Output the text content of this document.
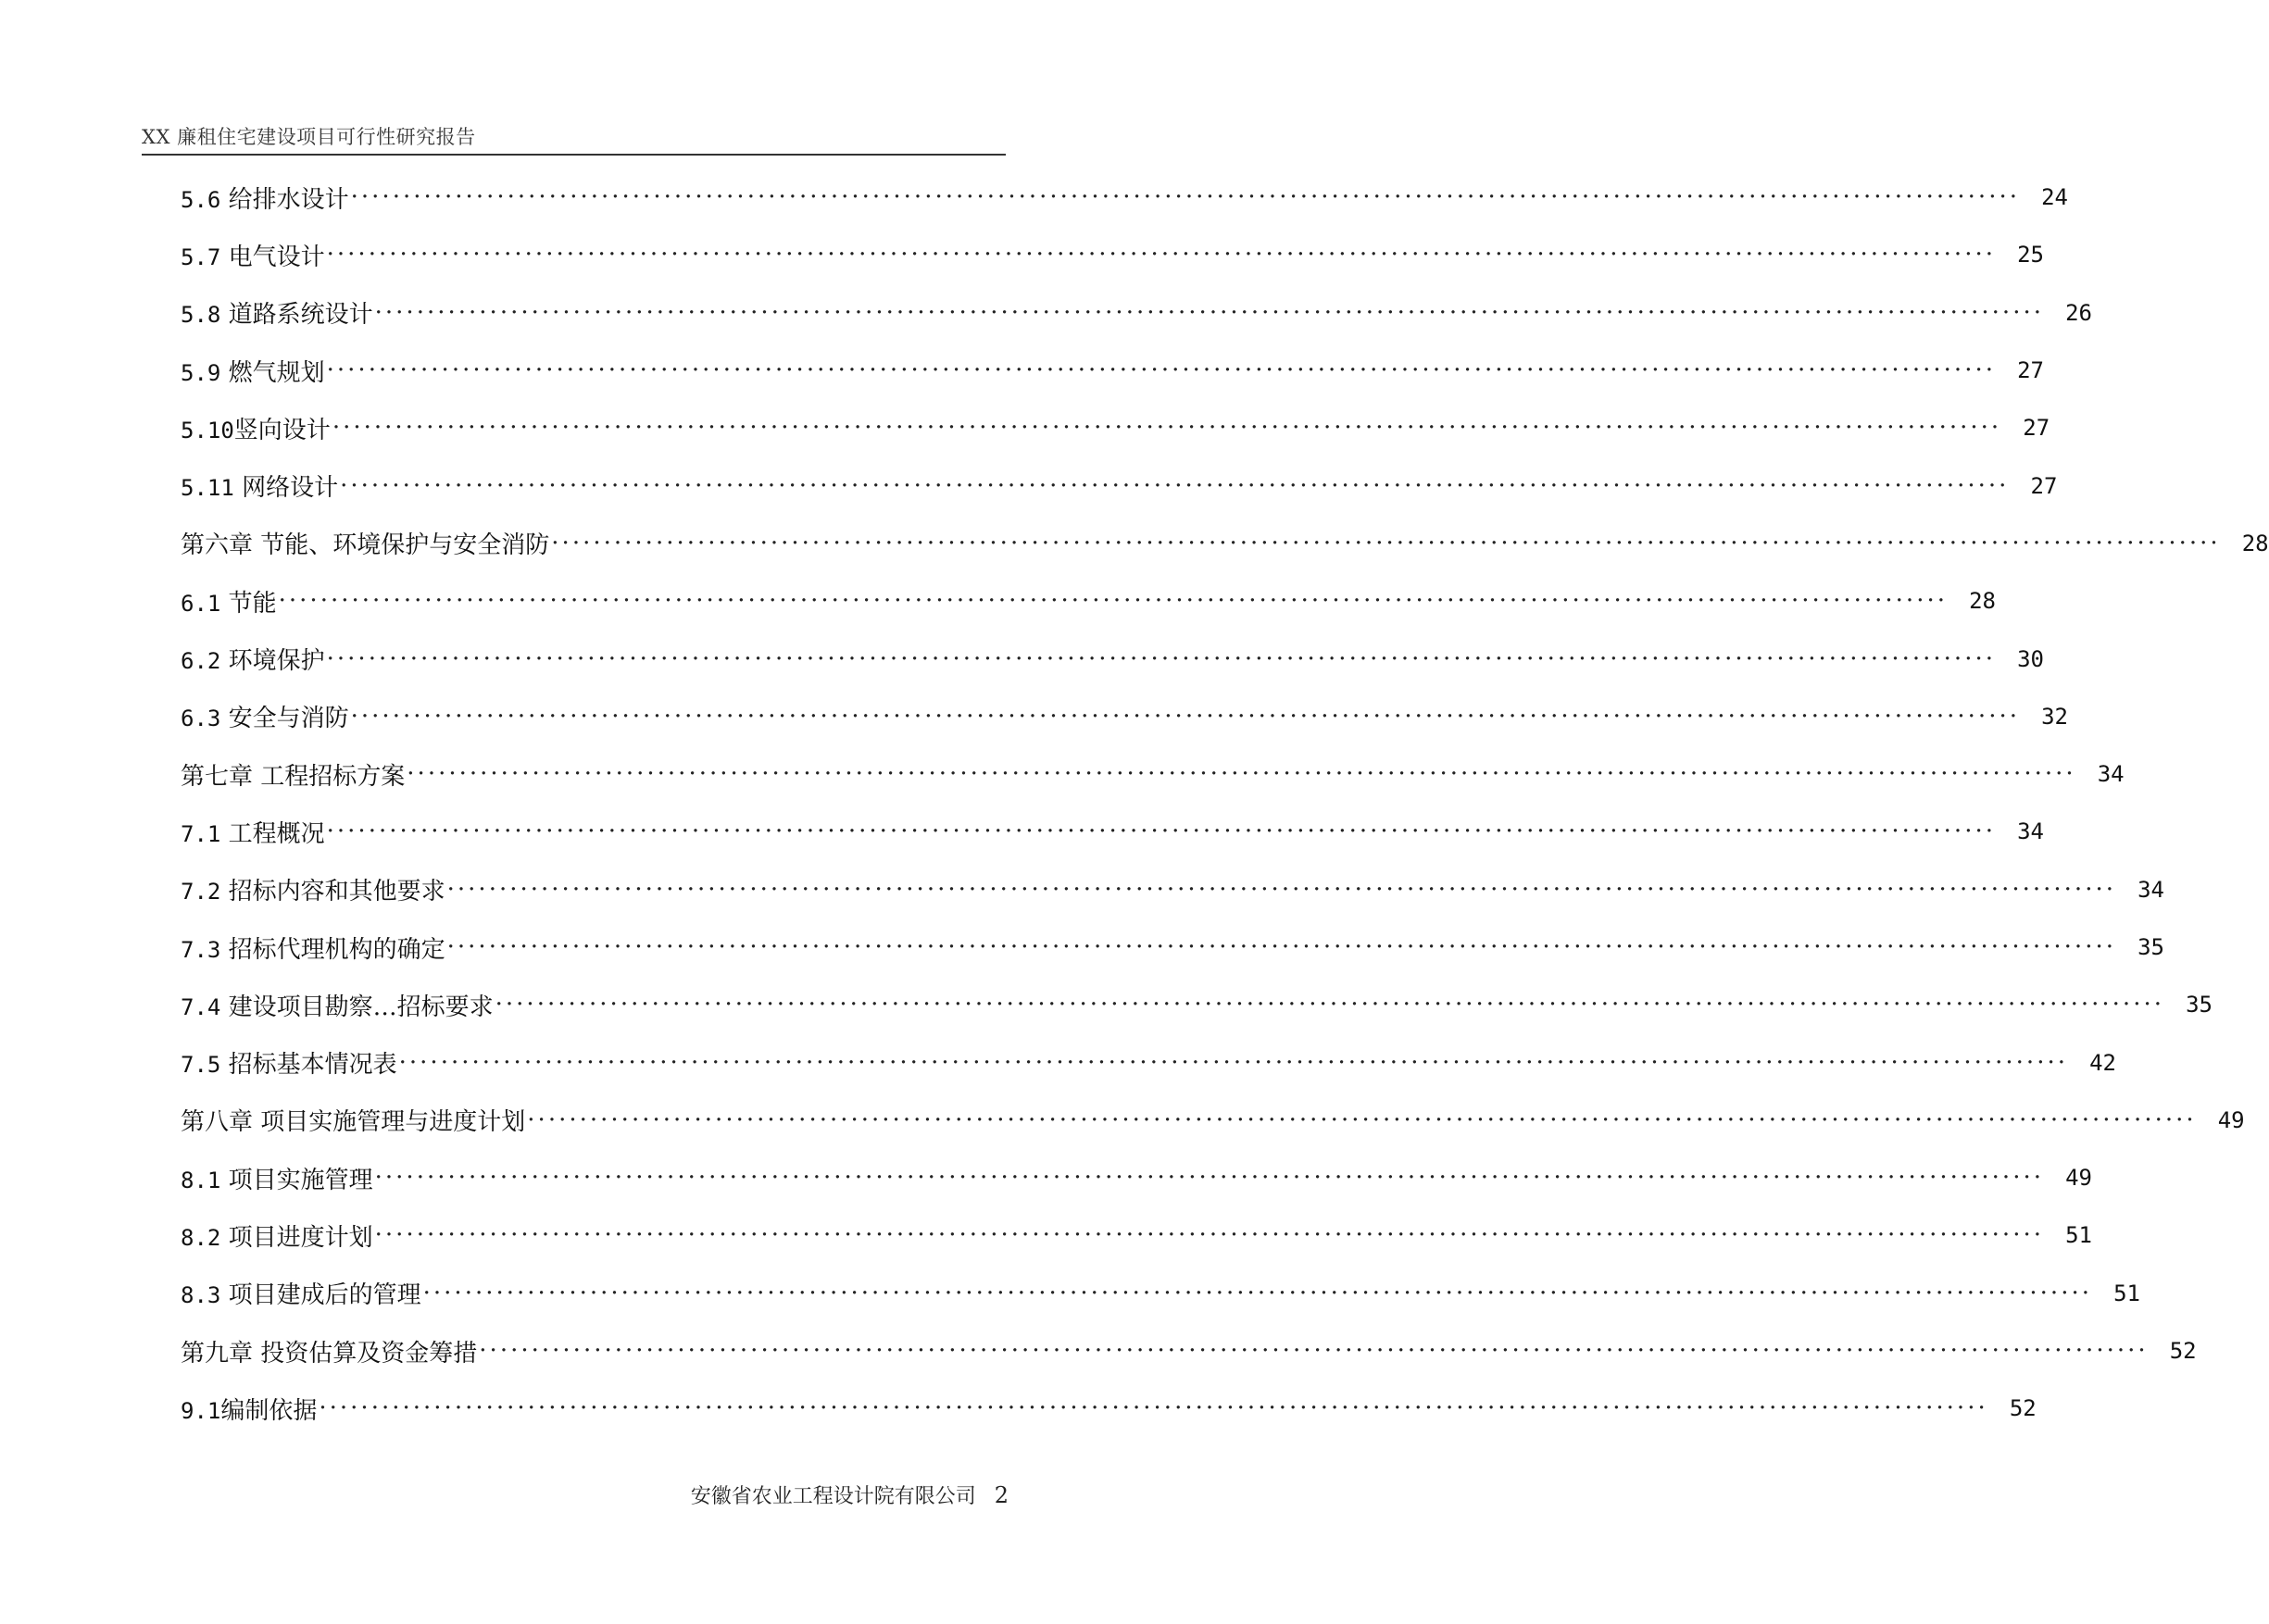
XX 廉租住宅建设项目可行性研究报告
5.6 给排水设计 ································································································································································ 24
5.7 电气设计 ································································································································································ 25
5.8 道路系统设计 ································································································································································ 26
5.9 燃气规划 ································································································································································ 27
5.10竖向设计 ································································································································································ 27
5.11 网络设计 ································································································································································ 27
第六章 节能、环境保护与安全消防 ································································································································································ 28
6.1 节能 ································································································································································ 28
6.2 环境保护 ································································································································································ 30
6.3 安全与消防 ································································································································································ 32
第七章 工程招标方案 ································································································································································ 34
7.1 工程概况 ································································································································································ 34
7.2 招标内容和其他要求 ································································································································································ 34
7.3 招标代理机构的确定 ································································································································································ 35
7.4 建设项目勘察…招标要求 ································································································································································ 35
7.5 招标基本情况表 ································································································································································ 42
第八章 项目实施管理与进度计划 ································································································································································ 49
8.1 项目实施管理 ································································································································································ 49
8.2 项目进度计划 ································································································································································ 51
8.3 项目建成后的管理 ································································································································································ 51
第九章 投资估算及资金筹措 ································································································································································ 52
9.1编制依据 ································································································································································ 52
安徽省农业工程设计院有限公司 2
